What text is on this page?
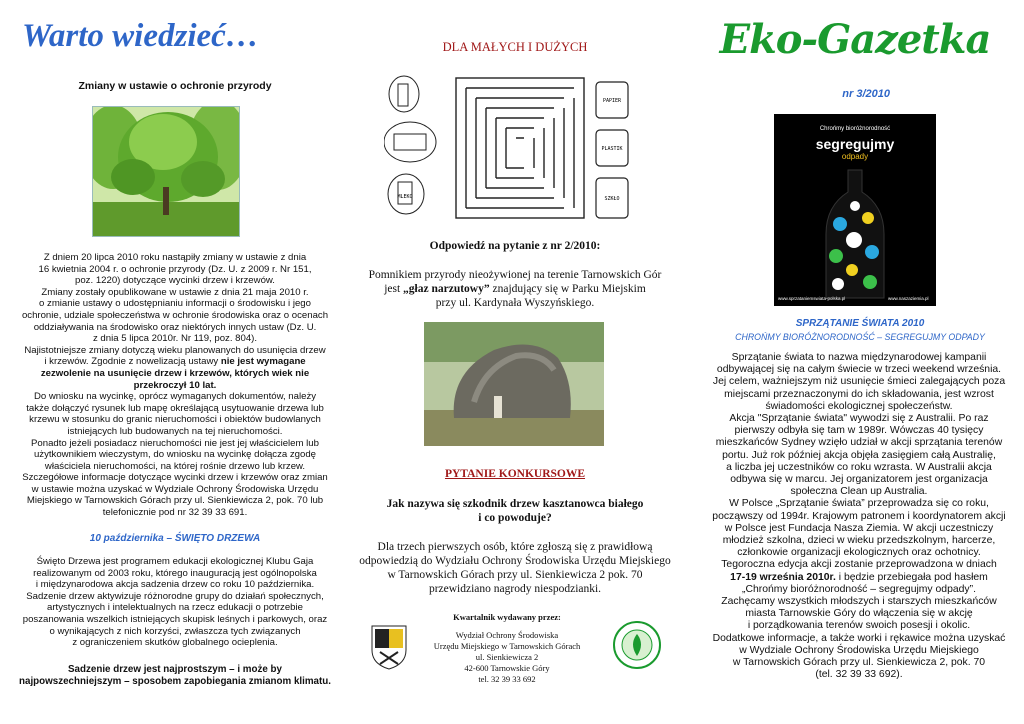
Warto wiedzieć…
Zmiany w ustawie o ochronie przyrody

Z dniem 20 lipca 2010 roku nastąpiły zmiany w ustawie z dnia

16 kwietnia 2004 r. o ochronie przyrody (Dz. U. z 2009 r. Nr 151,

poz. 1220) dotyczące wycinki drzew i krzewów.

Zmiany zostały opublikowane w ustawie z dnia 21 maja 2010 r.

o zmianie ustawy o udostępnianiu informacji o środowisku i jego

ochronie, udziale społeczeństwa w ochronie środowiska oraz o ocenach

oddziaływania na środowisko oraz niektórych innych ustaw (Dz. U.

z dnia 5 lipca 2010r. Nr 119, poz. 804).

Najistotniejsze zmiany dotyczą wieku planowanych do usunięcia drzew

i krzewów. Zgodnie z nowelizacją ustawy nie jest wymagane

zezwolenie na usunięcie drzew i krzewów, których wiek nie

przekroczył 10 lat.

Do wniosku na wycinkę, oprócz wymaganych dokumentów, należy

także dołączyć rysunek lub mapę określającą usytuowanie drzewa lub

krzewu w stosunku do granic nieruchomości i obiektów budowlanych

istniejących lub budowanych na tej nieruchomości.

Ponadto jeżeli posiadacz nieruchomości nie jest jej właścicielem lub

użytkownikiem wieczystym, do wniosku na wycinkę dołącza zgodę

właściciela nieruchomości, na której rośnie drzewo lub krzew.

Szczegółowe informacje dotyczące wycinki drzew i krzewów oraz zmian

w ustawie można uzyskać w Wydziale Ochrony Środowiska Urzędu

Miejskiego w Tarnowskich Górach przy ul. Sienkiewicza 2, pok. 70 lub

telefonicznie pod nr 32 39 33 691.

10 października – ŚWIĘTO DRZEWA

Święto Drzewa jest programem edukacji ekologicznej Klubu Gaja

realizowanym od 2003 roku, którego inauguracją jest ogólnopolska

i międzynarodowa akcja sadzenia drzew co roku 10 października.

Sadzenie drzew aktywizuje różnorodne grupy do działań społecznych,

artystycznych i intelektualnych na rzecz edukacji o potrzebie

poszanowania wszelkich istniejących skupisk leśnych i parkowych, oraz

o wynikających z nich korzyści, zwłaszcza tych związanych

z ograniczeniem skutków globalnego ocieplenia.

Sadzenie drzew jest najprostszym – i może by
najpowszechniejszym – sposobem zapobiegania zmianom klimatu.
DLA MAŁYCH I DUŻYCH
MLEKO
PAPIER
PLASTIK
SZKŁO
Odpowiedź na pytanie z nr 2/2010:
Pomnikiem przyrody nieożywionej na terenie Tarnowskich Gór
jest „głaz narzutowy” znajdujący się w Parku Miejskim
przy ul. Kardynała Wyszyńskiego.
PYTANIE KONKURSOWE
Jak nazywa się szkodnik drzew kasztanowca białego
i co powoduje?
Dla trzech pierwszych osób, które zgłoszą się z prawidłową
odpowiedzią do Wydziału Ochrony Środowiska Urzędu Miejskiego
w Tarnowskich Górach przy ul. Sienkiewicza 2 pok. 70
przewidziano nagrody niespodzianki.
Kwartalnik wydawany przez:
Wydział Ochrony Środowiska
Urzędu Miejskiego w Tarnowskich Górach
ul. Sienkiewicza 2
42-600 Tarnowskie Góry
tel. 32 39 33 692
Eko-Gazetka
nr 3/2010
Chrońmy bioróżnorodność
segregujmy
odpady
www.sprzataniemswiata-polska.pl	www.naszaziemia.pl
SPRZĄTANIE ŚWIATA 2010
CHROŃMY BIORÓŻNORODNOŚĆ – SEGREGUJMY ODPADY

Sprzątanie świata to nazwa międzynarodowej kampanii

odbywającej się na całym świecie w trzeci weekend września.

Jej celem, ważniejszym niż usunięcie śmieci zalegających poza

miejscami przeznaczonymi do ich składowania, jest wzrost

świadomości ekologicznej społeczeństw.

Akcja "Sprzątanie świata" wywodzi się z Australii. Po raz

pierwszy odbyła się tam w 1989r. Wówczas 40 tysięcy

mieszkańców Sydney wzięło udział w akcji sprzątania terenów

portu. Już rok później akcja objęła zasięgiem całą Australię,

a liczba jej uczestników co roku wzrasta. W Australii akcja

odbywa się w marcu. Jej organizatorem jest organizacja

społeczna Clean up Australia.

W Polsce „Sprzątanie świata” przeprowadza się co roku,

począwszy od 1994r. Krajowym patronem i koordynatorem akcji

w Polsce jest Fundacja Nasza Ziemia. W akcji uczestniczy

młodzież szkolna, dzieci w wieku przedszkolnym, harcerze,

członkowie organizacji ekologicznych oraz ochotnicy.

Tegoroczna edycja akcji zostanie przeprowadzona w dniach

17-19 września 2010r. i będzie przebiegała pod hasłem

„Chrońmy bioróżnorodność – segregujmy odpady”.

Zachęcamy wszystkich młodszych i starszych mieszkańców

miasta Tarnowskie Góry do włączenia się w akcję

i porządkowania terenów swoich posesji i okolic.

Dodatkowe informacje, a także worki i rękawice można uzyskać

w Wydziale Ochrony Środowiska Urzędu Miejskiego

w Tarnowskich Górach przy ul. Sienkiewicza 2, pok. 70

(tel. 32 39 33 692).
